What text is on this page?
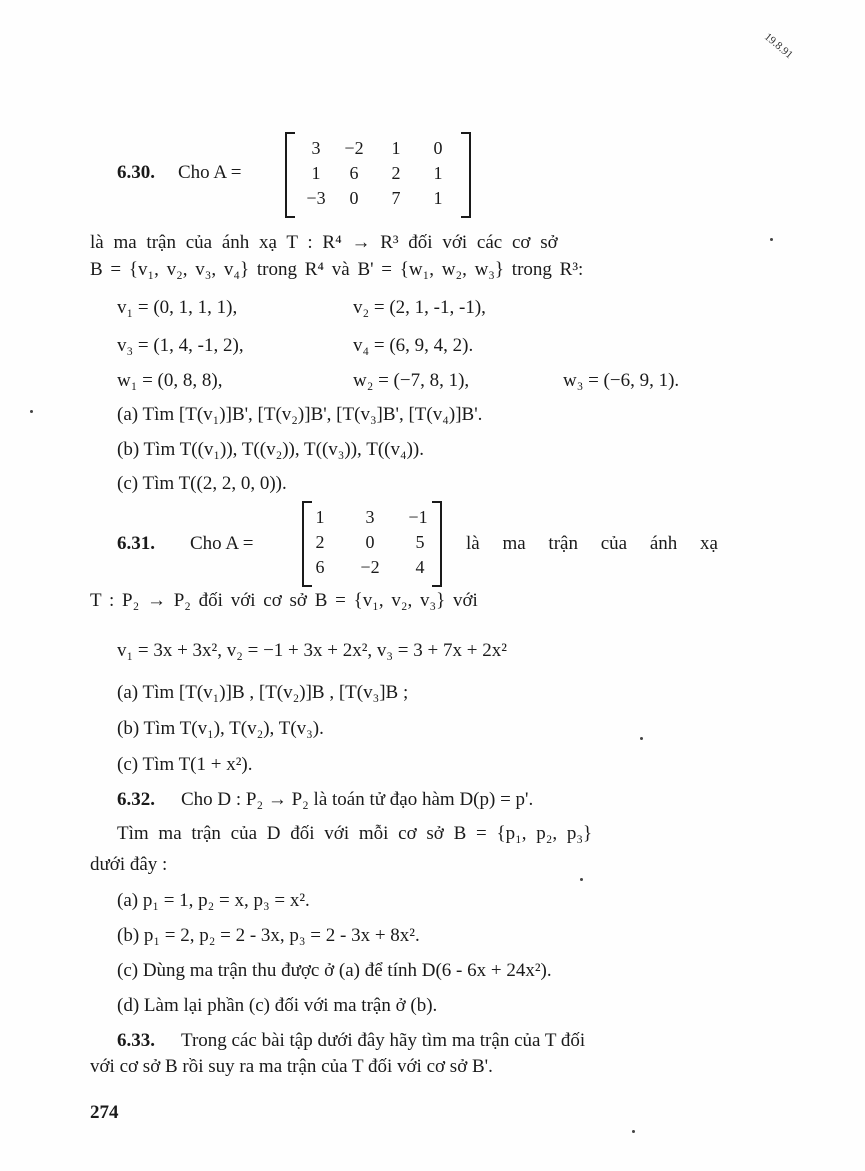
19.8.91
6.30. Cho A =
3	−2	1	0
1	6	2	1
−3	0	7	1
là ma trận của ánh xạ T : R⁴ → R³ đối với các cơ sở
B = {v₁, v₂, v₃, v₄} trong R⁴ và B' = {w₁, w₂, w₃} trong R³:
v₁ = (0, 1, 1, 1),	v₂ = (2, 1, -1, -1),
v₃ = (1, 4, -1, 2),	v₄ = (6, 9, 4, 2).
w₁ = (0, 8, 8),	w₂ = (−7, 8, 1),	w₃ = (−6, 9, 1).
(a) Tìm [T(v₁)]B', [T(v₂)]B', [T(v₃]B', [T(v₄)]B'.
(b) Tìm T((v₁)), T((v₂)), T((v₃)), T((v₄)).
(c) Tìm T((2, 2, 0, 0)).
6.31. Cho A =
1	3	−1
2	0	5
6	−2	4
là ma trận của ánh xạ
T : P₂ → P₂ đối với cơ sở B = {v₁, v₂, v₃} với
v₁ = 3x + 3x², v₂ = −1 + 3x + 2x², v₃ = 3 + 7x + 2x²
(a) Tìm [T(v₁)]B , [T(v₂)]B , [T(v₃]B ;
(b) Tìm T(v₁), T(v₂), T(v₃).
(c) Tìm T(1 + x²).
6.32. Cho D : P₂ → P₂ là toán tử đạo hàm D(p) = p'.
Tìm ma trận của D đối với mỗi cơ sở B = {p₁, p₂, p₃}
dưới đây :
(a) p₁ = 1, p₂ = x, p₃ = x².
(b) p₁ = 2, p₂ = 2 - 3x, p₃ = 2 - 3x + 8x².
(c) Dùng ma trận thu được ở (a) để tính D(6 - 6x + 24x²).
(d) Làm lại phần (c) đối với ma trận ở (b).
6.33. Trong các bài tập dưới đây hãy tìm ma trận của T đối
với cơ sở B rồi suy ra ma trận của T đối với cơ sở B'.
274
